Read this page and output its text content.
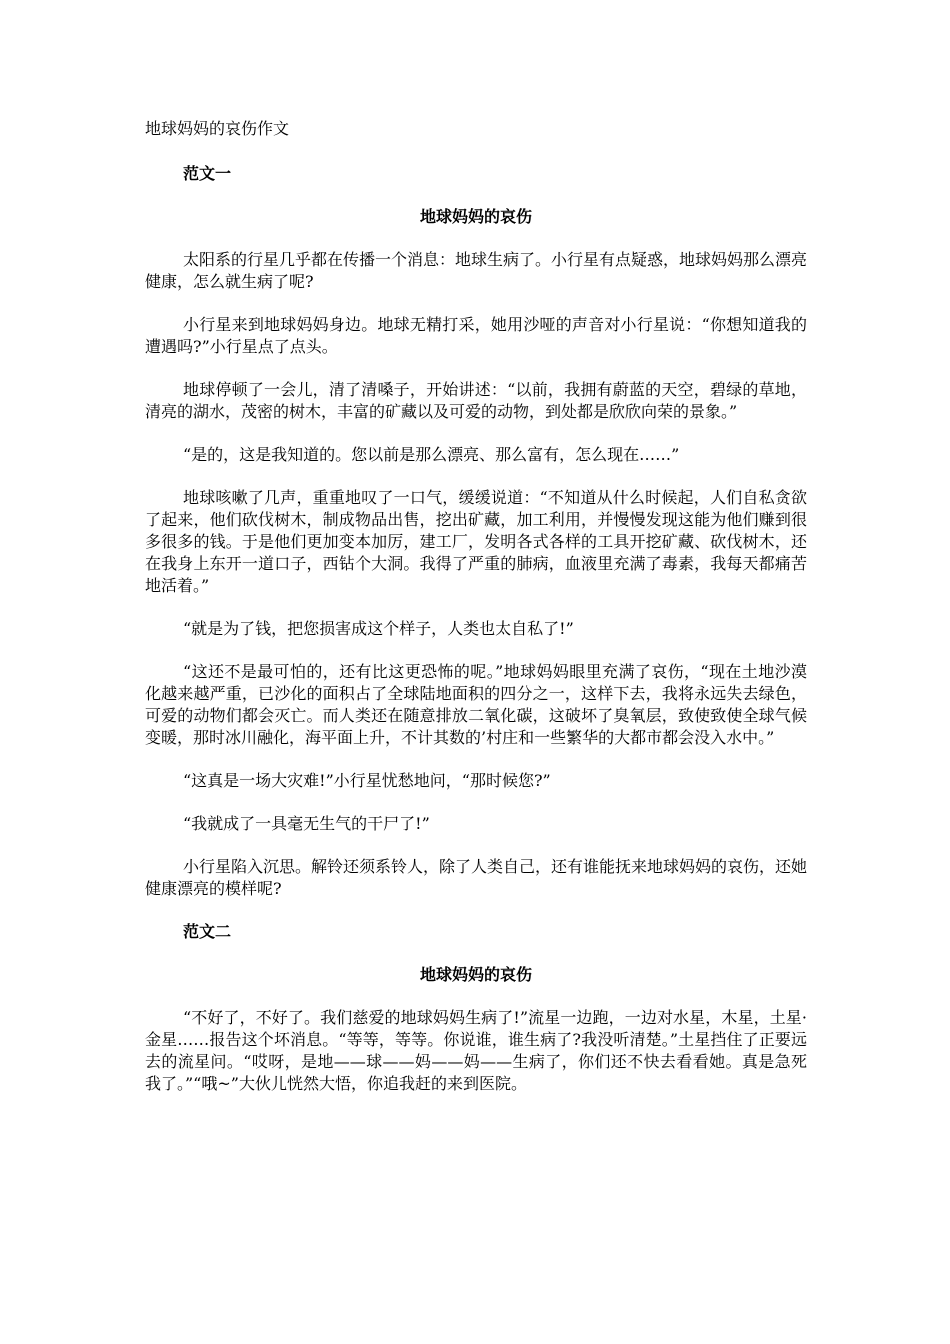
地球妈妈的哀伤作文
范文一
地球妈妈的哀伤

太阳系的行星几乎都在传播一个消息：地球生病了。小行星有点疑惑，地球妈妈那么漂亮健康，怎么就生病了呢?

小行星来到地球妈妈身边。地球无精打采，她用沙哑的声音对小行星说：“你想知道我的遭遇吗?”小行星点了点头。

地球停顿了一会儿，清了清嗓子，开始讲述：“以前，我拥有蔚蓝的天空，碧绿的草地，清亮的湖水，茂密的树木，丰富的矿藏以及可爱的动物，到处都是欣欣向荣的景象。”

“是的，这是我知道的。您以前是那么漂亮、那么富有，怎么现在……”

地球咳嗽了几声，重重地叹了一口气，缓缓说道：“不知道从什么时候起，人们自私贪欲了起来，他们砍伐树木，制成物品出售，挖出矿藏，加工利用，并慢慢发现这能为他们赚到很多很多的钱。于是他们更加变本加厉，建工厂，发明各式各样的工具开挖矿藏、砍伐树木，还在我身上东开一道口子，西钻个大洞。我得了严重的肺病，血液里充满了毒素，我每天都痛苦地活着。”

“就是为了钱，把您损害成这个样子，人类也太自私了!”

“这还不是最可怕的，还有比这更恐怖的呢。”地球妈妈眼里充满了哀伤，“现在土地沙漠化越来越严重，已沙化的面积占了全球陆地面积的四分之一，这样下去，我将永远失去绿色，可爱的动物们都会灭亡。而人类还在随意排放二氧化碳，这破坏了臭氧层，致使致使全球气候变暖，那时冰川融化，海平面上升，不计其数的’村庄和一些繁华的大都市都会没入水中。”

“这真是一场大灾难!”小行星忧愁地问，“那时候您?”

“我就成了一具毫无生气的干尸了!”

小行星陷入沉思。解铃还须系铃人，除了人类自己，还有谁能抚来地球妈妈的哀伤，还她健康漂亮的模样呢?

范文二
地球妈妈的哀伤

“不好了，不好了。我们慈爱的地球妈妈生病了!”流星一边跑，一边对水星，木星，土星·金星……报告这个坏消息。“等等，等等。你说谁，谁生病了?我没听清楚。”土星挡住了正要远去的流星问。“哎呀，是地——球——妈——妈——生病了，你们还不快去看看她。真是急死我了。”“哦~”大伙儿恍然大悟，你追我赶的来到医院。
